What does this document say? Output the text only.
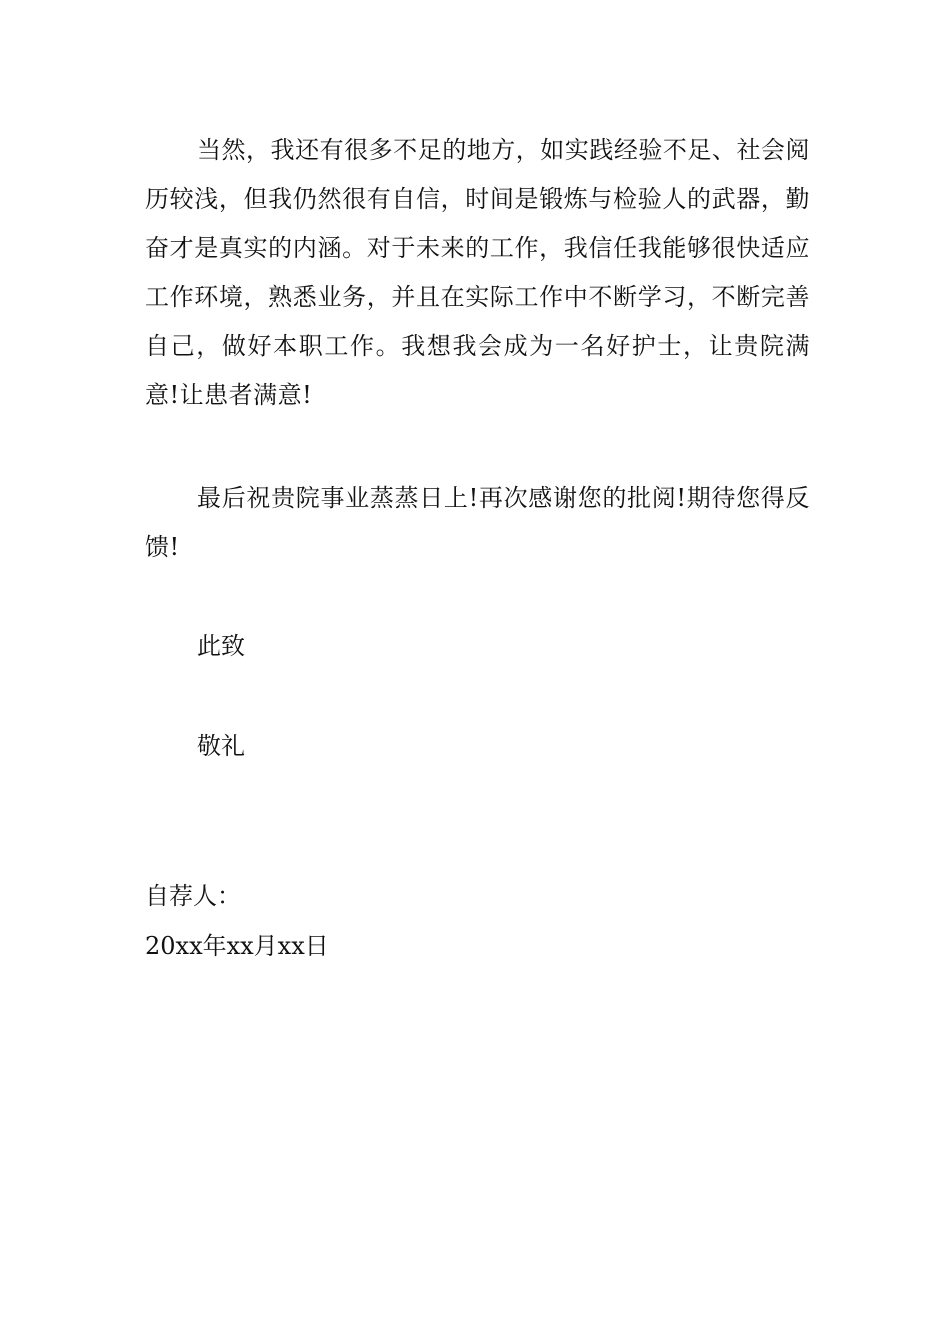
当然，我还有很多不足的地方，如实践经验不足、社会阅历较浅，但我仍然很有自信，时间是锻炼与检验人的武器，勤奋才是真实的内涵。对于未来的工作，我信任我能够很快适应工作环境，熟悉业务，并且在实际工作中不断学习，不断完善自己，做好本职工作。我想我会成为一名好护士，让贵院满意!让患者满意!

最后祝贵院事业蒸蒸日上!再次感谢您的批阅!期待您得反馈!

此致

敬礼

自荐人：

20xx年xx月xx日
